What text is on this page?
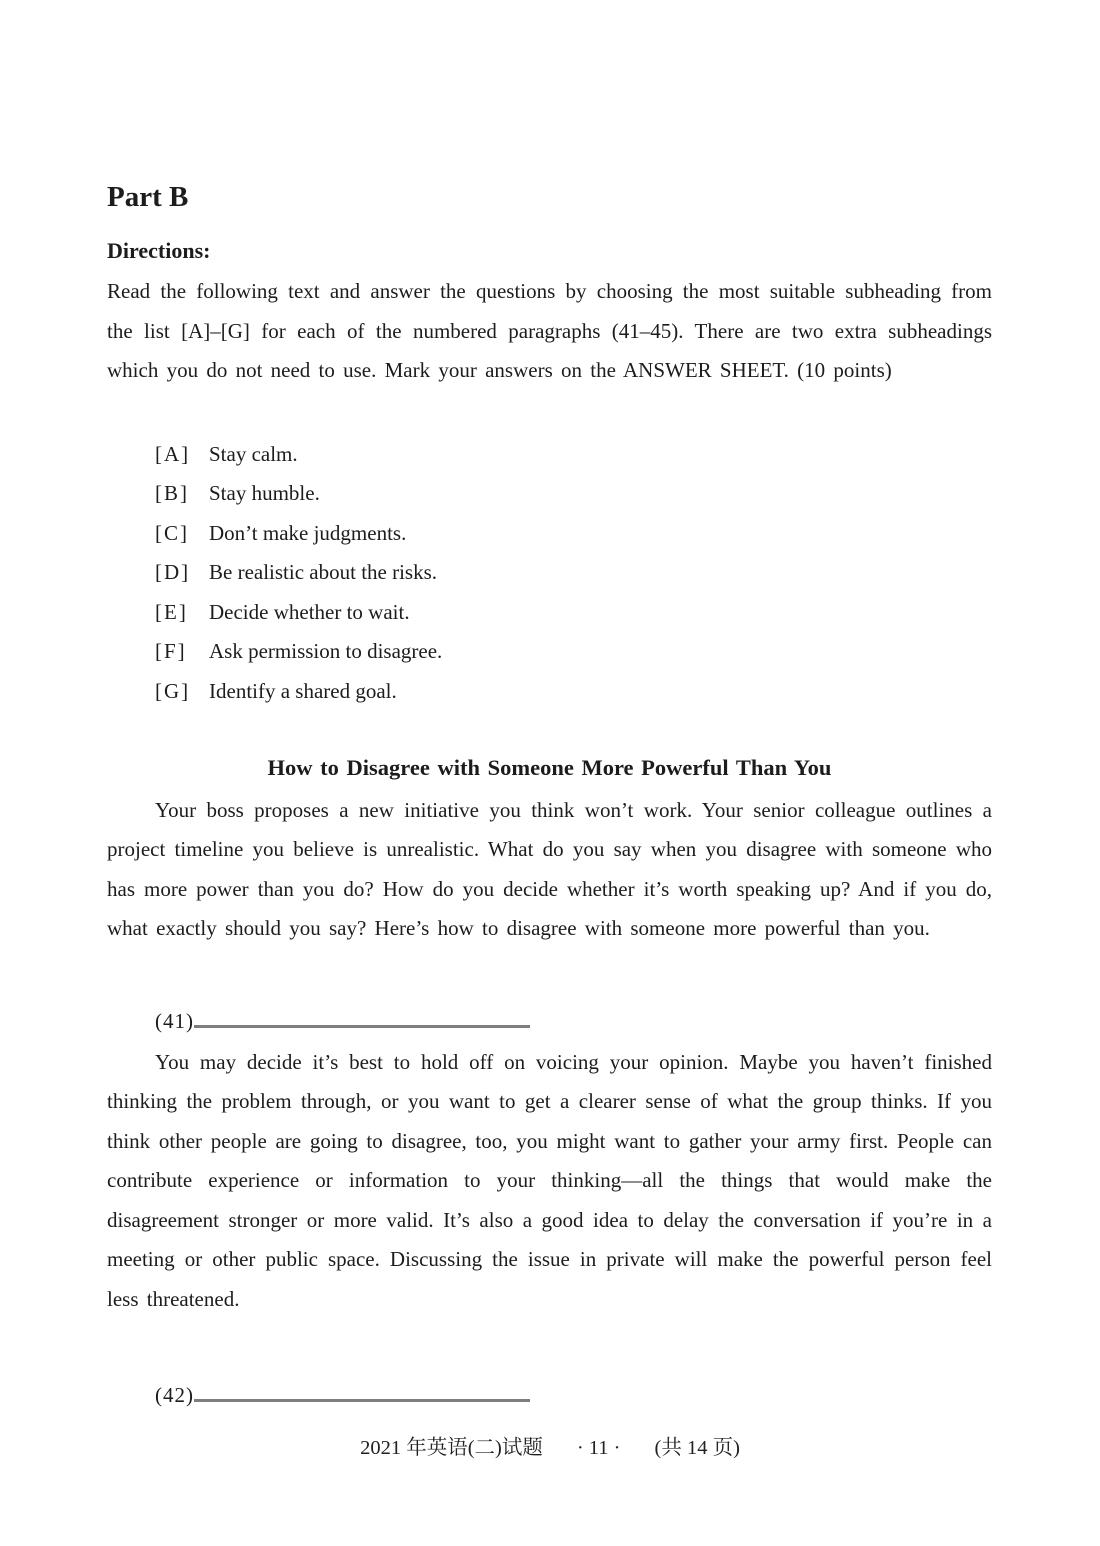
Part B
Directions:
Read the following text and answer the questions by choosing the most suitable subheading from the list [A]–[G] for each of the numbered paragraphs (41–45). There are two extra subheadings which you do not need to use. Mark your answers on the ANSWER SHEET. (10 points)
[A] Stay calm.
[B] Stay humble.
[C] Don’t make judgments.
[D] Be realistic about the risks.
[E] Decide whether to wait.
[F] Ask permission to disagree.
[G] Identify a shared goal.
How to Disagree with Someone More Powerful Than You
Your boss proposes a new initiative you think won’t work. Your senior colleague outlines a project timeline you believe is unrealistic. What do you say when you disagree with someone who has more power than you do? How do you decide whether it’s worth speaking up? And if you do, what exactly should you say? Here’s how to disagree with someone more powerful than you.
(41)
You may decide it’s best to hold off on voicing your opinion. Maybe you haven’t finished thinking the problem through, or you want to get a clearer sense of what the group thinks. If you think other people are going to disagree, too, you might want to gather your army first. People can contribute experience or information to your thinking—all the things that would make the disagreement stronger or more valid. It’s also a good idea to delay the conversation if you’re in a meeting or other public space. Discussing the issue in private will make the powerful person feel less threatened.
(42)
2021 年英语(二)试题 · 11 · (共 14 页)
